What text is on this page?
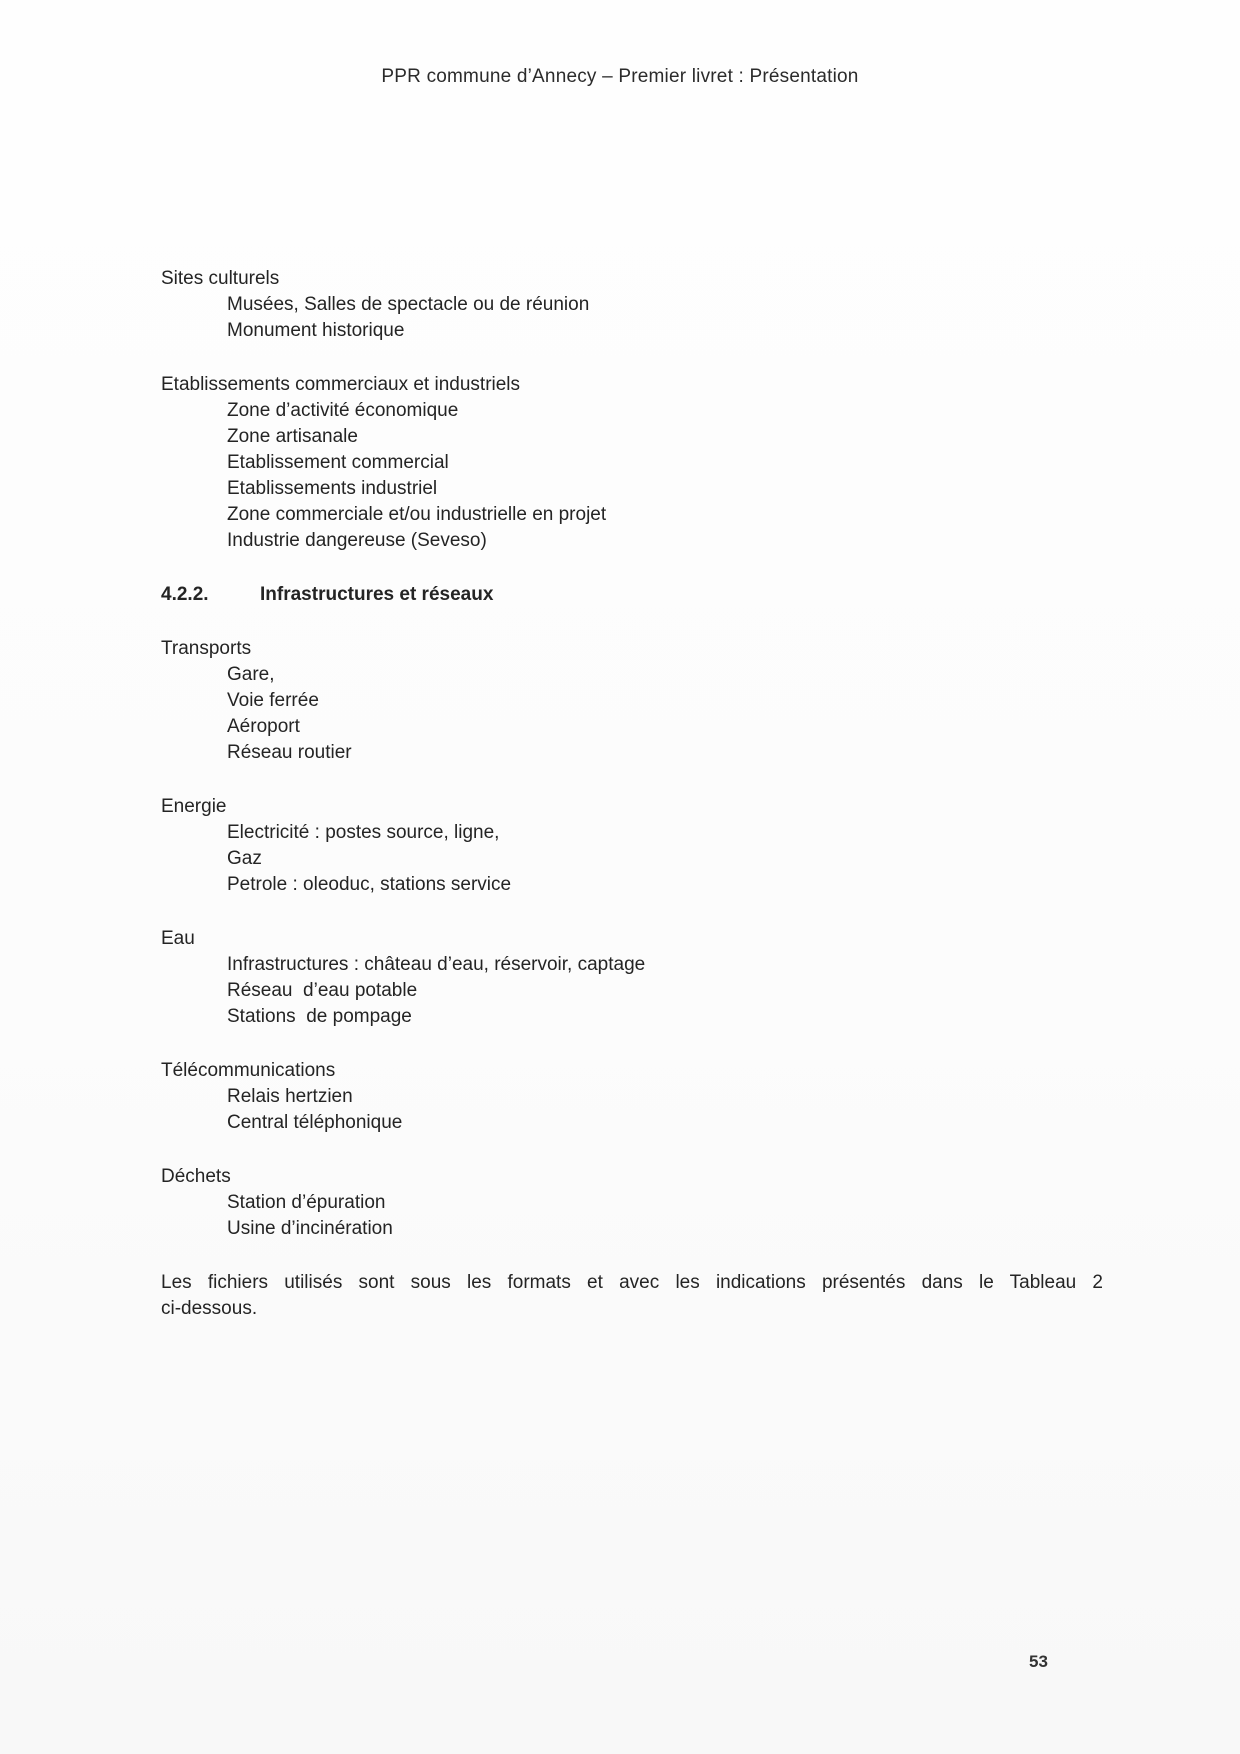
PPR commune d’Annecy – Premier livret : Présentation
Sites culturels
Musées, Salles de spectacle ou de réunion
Monument historique
Etablissements commerciaux et industriels
Zone d’activité économique
Zone artisanale
Etablissement commercial
Etablissements industriel
Zone commerciale et/ou industrielle en projet
Industrie dangereuse (Seveso)
4.2.2.	Infrastructures et réseaux
Transports
Gare,
Voie ferrée
Aéroport
Réseau routier
Energie
Electricité : postes source, ligne,
Gaz
Petrole : oleoduc, stations service
Eau
Infrastructures : château d’eau, réservoir, captage
Réseau  d’eau potable
Stations  de pompage
Télécommunications
Relais hertzien
Central téléphonique
Déchets
Station d’épuration
Usine d’incinération

Les fichiers utilisés sont sous les formats et avec les indications présentés dans le Tableau 2 ci-dessous.

53
